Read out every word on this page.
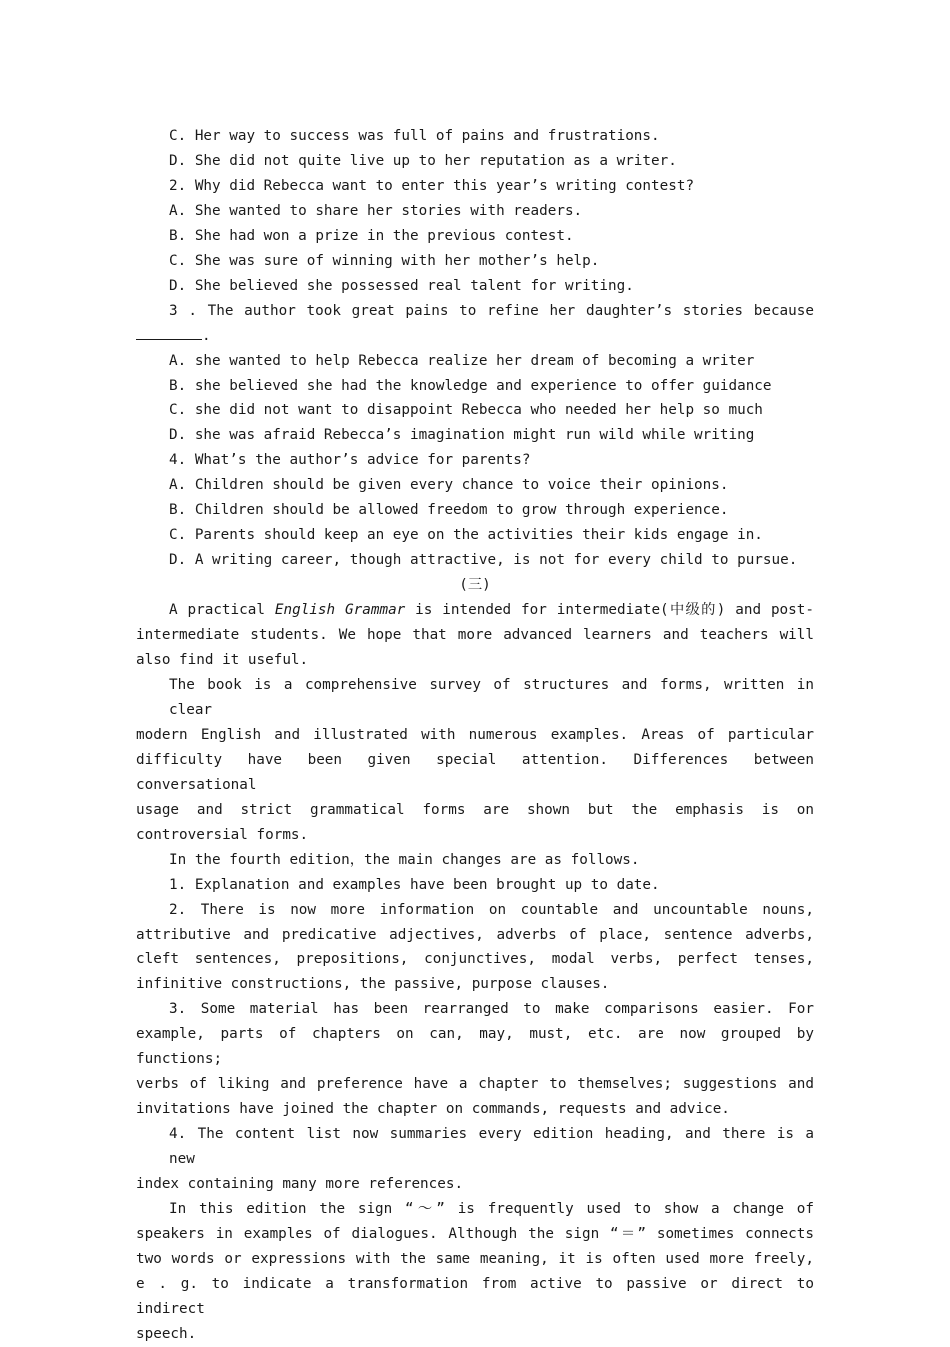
C. Her way to success was full of pains and frustrations.
D. She did not quite live up to her reputation as a writer.
2. Why did Rebecca want to enter this year’s writing contest?
A. She wanted to share her stories with readers.
B. She had won a prize in the previous contest.
C. She was sure of winning with her mother’s help.
D. She believed she possessed real talent for writing.
3 . The author took great pains to refine her daughter’s stories because
.
A. she wanted to help Rebecca realize her dream of becoming a writer
B. she believed she had the knowledge and experience to offer guidance
C. she did not want to disappoint Rebecca who needed her help so much
D. she was afraid Rebecca’s imagination might run wild while writing
4. What’s the author’s advice for parents?
A. Children should be given every chance to voice their opinions.
B. Children should be allowed freedom to grow through experience.
C. Parents should keep an eye on the activities their kids engage in.
D. A writing career, though attractive, is not for every child to pursue.
(三)
A practical English Grammar is intended for intermediate(中级的) and post-
intermediate students. We hope that more advanced learners and teachers will
also find it useful.
The book is a comprehensive survey of structures and forms, written in clear
modern English and illustrated with numerous examples. Areas of particular
difficulty have been given special attention. Differences between conversational
usage and strict grammatical forms are shown but the emphasis is on
controversial forms.
In the fourth edition，the main changes are as follows.
1. Explanation and examples have been brought up to date.
2. There is now more information on countable and uncountable nouns,
attributive and predicative adjectives, adverbs of place, sentence adverbs,
cleft sentences, prepositions, conjunctives, modal verbs, perfect tenses,
infinitive constructions, the passive, purpose clauses.
3. Some material has been rearranged to make comparisons easier. For
example, parts of chapters on can, may, must, etc. are now grouped by functions;
verbs of liking and preference have a chapter to themselves; suggestions and
invitations have joined the chapter on commands, requests and advice.
4. The content list now summaries every edition heading, and there is a new
index containing many more references.
In this edition the sign “～” is frequently used to show a change of
speakers in examples of dialogues. Although the sign “＝” sometimes connects
two words or expressions with the same meaning, it is often used more freely,
e . g. to indicate a transformation from active to passive or direct to indirect
speech.
